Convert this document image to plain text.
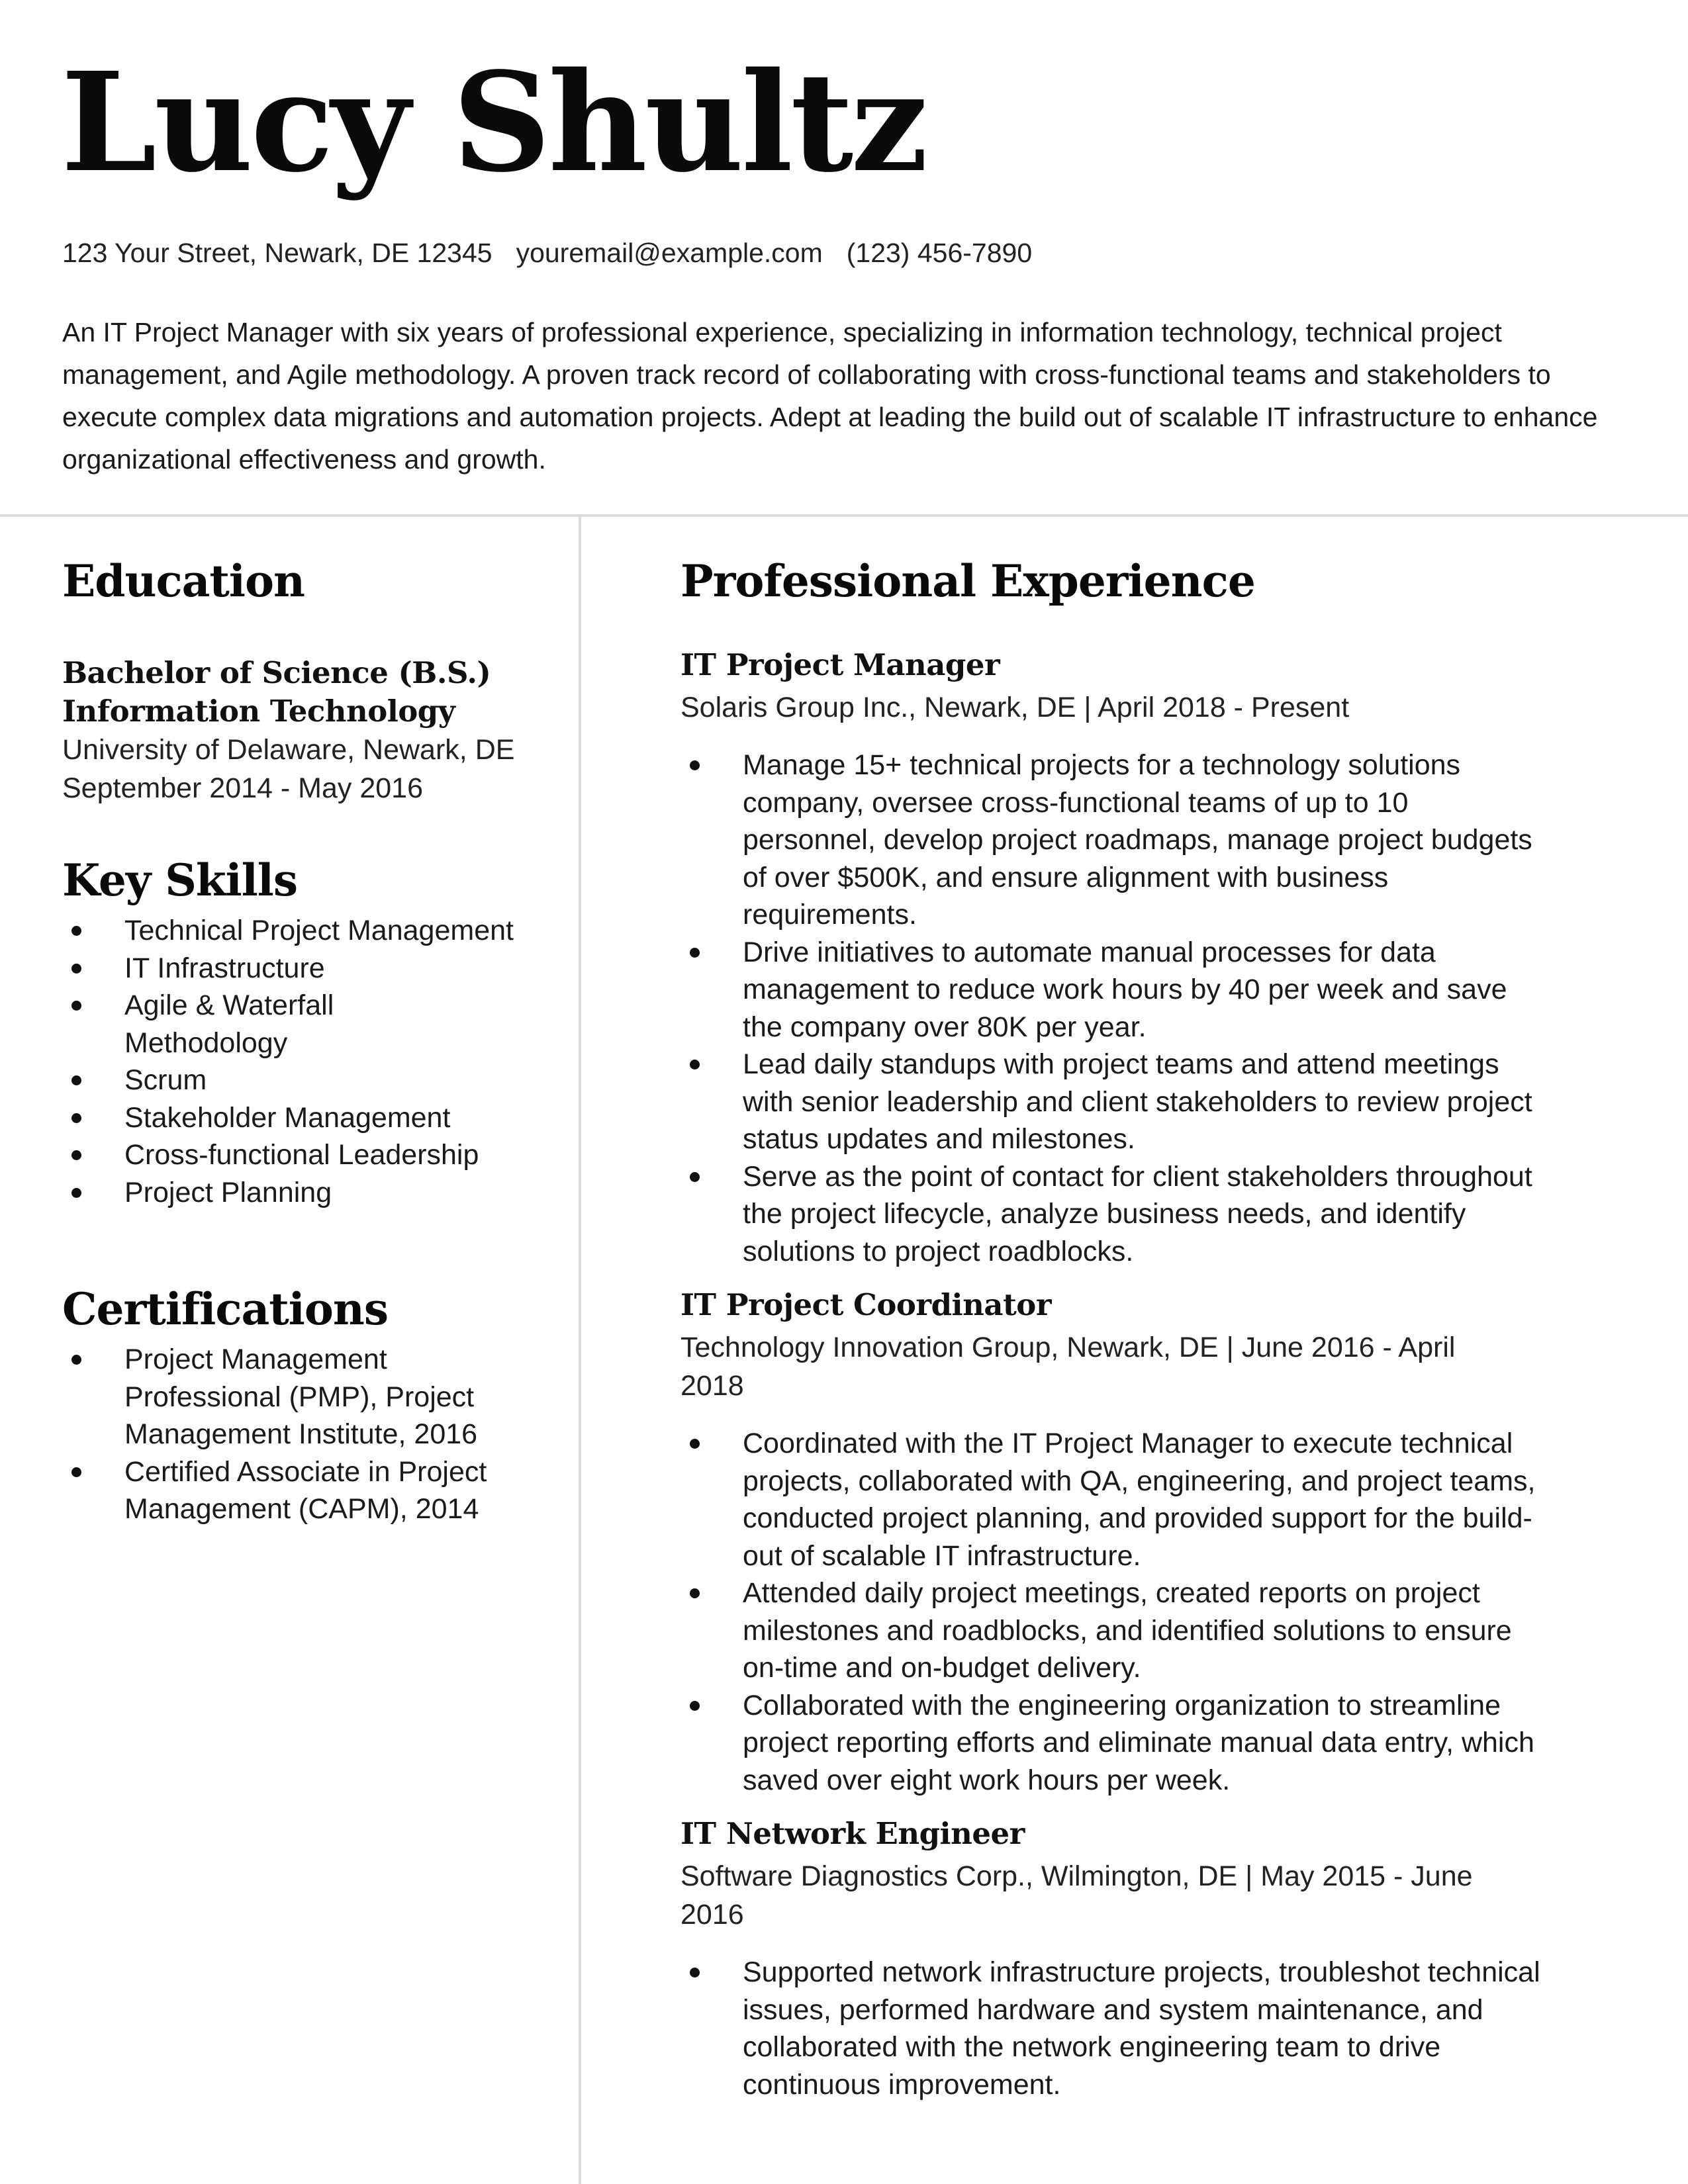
Lucy Shultz
123 Your Street, Newark, DE 12345 youremail@example.com (123) 456-7890

An IT Project Manager with six years of professional experience, specializing in information technology, technical project management, and Agile methodology. A proven track record of collaborating with cross-functional teams and stakeholders to execute complex data migrations and automation projects. Adept at leading the build out of scalable IT infrastructure to enhance organizational effectiveness and growth.

Education
Bachelor of Science (B.S.)
Information Technology
University of Delaware, Newark, DE
September 2014 - May 2016
Key Skills
Technical Project Management
IT Infrastructure
Agile & Waterfall Methodology
Scrum
Stakeholder Management
Cross-functional Leadership
Project Planning
Certifications
Project Management Professional (PMP), Project Management Institute, 2016
Certified Associate in Project Management (CAPM), 2014
Professional Experience
IT Project Manager
Solaris Group Inc., Newark, DE | April 2018 - Present
Manage 15+ technical projects for a technology solutions company, oversee cross-functional teams of up to 10 personnel, develop project roadmaps, manage project budgets of over $500K, and ensure alignment with business requirements.
Drive initiatives to automate manual processes for data management to reduce work hours by 40 per week and save the company over 80K per year.
Lead daily standups with project teams and attend meetings with senior leadership and client stakeholders to review project status updates and milestones.
Serve as the point of contact for client stakeholders throughout the project lifecycle, analyze business needs, and identify solutions to project roadblocks.
IT Project Coordinator
Technology Innovation Group, Newark, DE | June 2016 - April 2018
Coordinated with the IT Project Manager to execute technical projects, collaborated with QA, engineering, and project teams, conducted project planning, and provided support for the build-out of scalable IT infrastructure.
Attended daily project meetings, created reports on project milestones and roadblocks, and identified solutions to ensure on-time and on-budget delivery.
Collaborated with the engineering organization to streamline project reporting efforts and eliminate manual data entry, which saved over eight work hours per week.
IT Network Engineer
Software Diagnostics Corp., Wilmington, DE | May 2015 - June 2016
Supported network infrastructure projects, troubleshot technical issues, performed hardware and system maintenance, and collaborated with the network engineering team to drive continuous improvement.
